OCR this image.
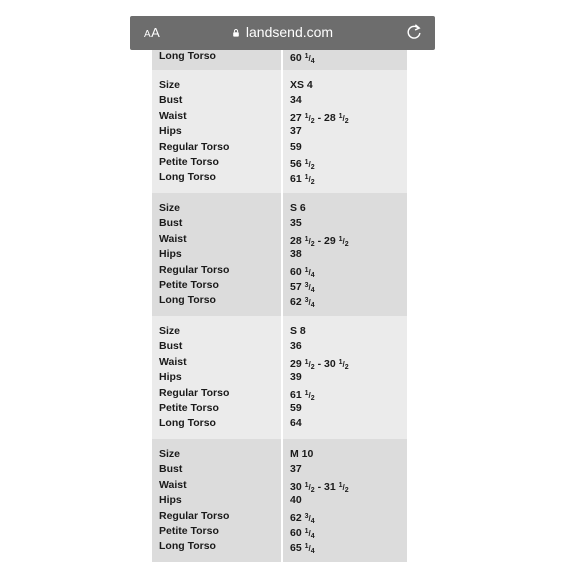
AA	landsend.com
Long Torso	60 $^1/_4$
Size
Bust
Waist
Hips
Regular Torso
Petite Torso
Long Torso
XS 4
34
27 $^1/_2 - 28$ $^1/_2$
37
59
56 $^1/_2$
61 $^1/_2$
Size
Bust
Waist
Hips
Regular Torso
Petite Torso
Long Torso
S 6
35
28 $^1/_2 - 29$ $^1/_2$
38
60 $^1/_4$
57 $^3/_4$
62 $^3/_4$
Size
Bust
Waist
Hips
Regular Torso
Petite Torso
Long Torso
S 8
36
29 $^1/_2 - 30$ $^1/_2$
39
61 $^1/_2$
59
64
Size
Bust
Waist
Hips
Regular Torso
Petite Torso
Long Torso
M 10
37
30 $^1/_2 - 31$ $^1/_2$
40
62 $^3/_4$
60 $^1/_4$
65 $^1/_4$
